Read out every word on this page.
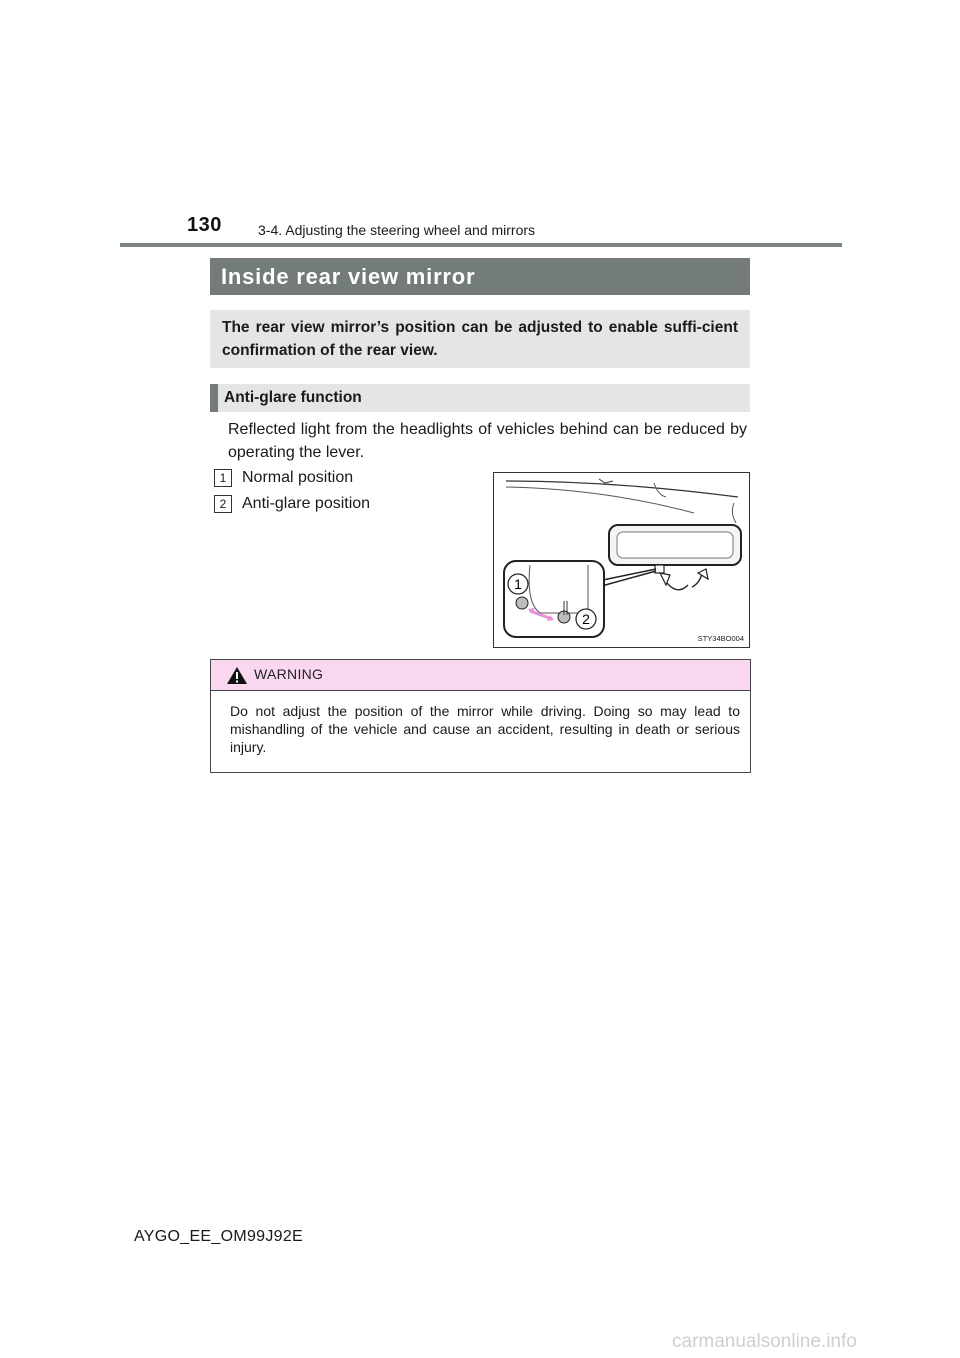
130	3-4. Adjusting the steering wheel and mirrors
Inside rear view mirror
The rear view mirror’s position can be adjusted to enable suffi-cient confirmation of the rear view.
Anti-glare function
Reflected light from the headlights of vehicles behind can be reduced by operating the lever.
1 Normal position
2 Anti-glare position
1
2
STY34BO004
WARNING
Do not adjust the position of the mirror while driving. Doing so may lead to mishandling of the vehicle and cause an accident, resulting in death or serious injury.
AYGO_EE_OM99J92E
carmanualsonline.info
